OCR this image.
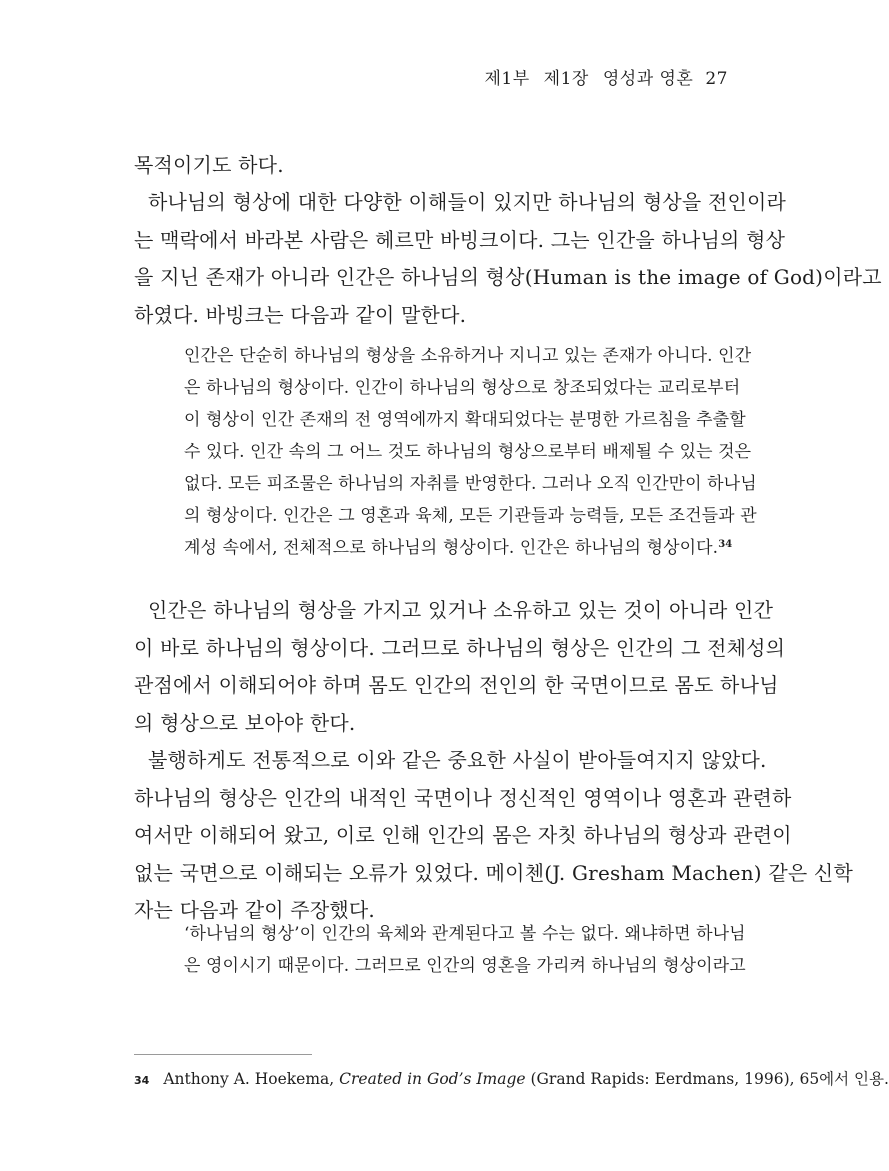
제1부 제1장 영성과 영혼 27

목적이기도 하다.

하나님의 형상에 대한 다양한 이해들이 있지만 하나님의 형상을 전인이라
는 맥락에서 바라본 사람은 헤르만 바빙크이다. 그는 인간을 하나님의 형상
을 지닌 존재가 아니라 인간은 하나님의 형상(Human is the image of God)이라고
하였다. 바빙크는 다음과 같이 말한다.

인간은 단순히 하나님의 형상을 소유하거나 지니고 있는 존재가 아니다. 인간
은 하나님의 형상이다. 인간이 하나님의 형상으로 창조되었다는 교리로부터
이 형상이 인간 존재의 전 영역에까지 확대되었다는 분명한 가르침을 추출할
수 있다. 인간 속의 그 어느 것도 하나님의 형상으로부터 배제될 수 있는 것은
없다. 모든 피조물은 하나님의 자취를 반영한다. 그러나 오직 인간만이 하나님
의 형상이다. 인간은 그 영혼과 육체, 모든 기관들과 능력들, 모든 조건들과 관
계성 속에서, 전체적으로 하나님의 형상이다. 인간은 하나님의 형상이다.$^{34}$

인간은 하나님의 형상을 가지고 있거나 소유하고 있는 것이 아니라 인간
이 바로 하나님의 형상이다. 그러므로 하나님의 형상은 인간의 그 전체성의
관점에서 이해되어야 하며 몸도 인간의 전인의 한 국면이므로 몸도 하나님
의 형상으로 보아야 한다.

불행하게도 전통적으로 이와 같은 중요한 사실이 받아들여지지 않았다.
하나님의 형상은 인간의 내적인 국면이나 정신적인 영역이나 영혼과 관련하
여서만 이해되어 왔고, 이로 인해 인간의 몸은 자칫 하나님의 형상과 관련이
없는 국면으로 이해되는 오류가 있었다. 메이첸(J. Gresham Machen) 같은 신학
자는 다음과 같이 주장했다.

‘하나님의 형상’이 인간의 육체와 관계된다고 볼 수는 없다. 왜냐하면 하나님
은 영이시기 때문이다. 그러므로 인간의 영혼을 가리켜 하나님의 형상이라고
34 Anthony A. Hoekema, Created in God’s Image (Grand Rapids: Eerdmans, 1996), 65에서 인용.
